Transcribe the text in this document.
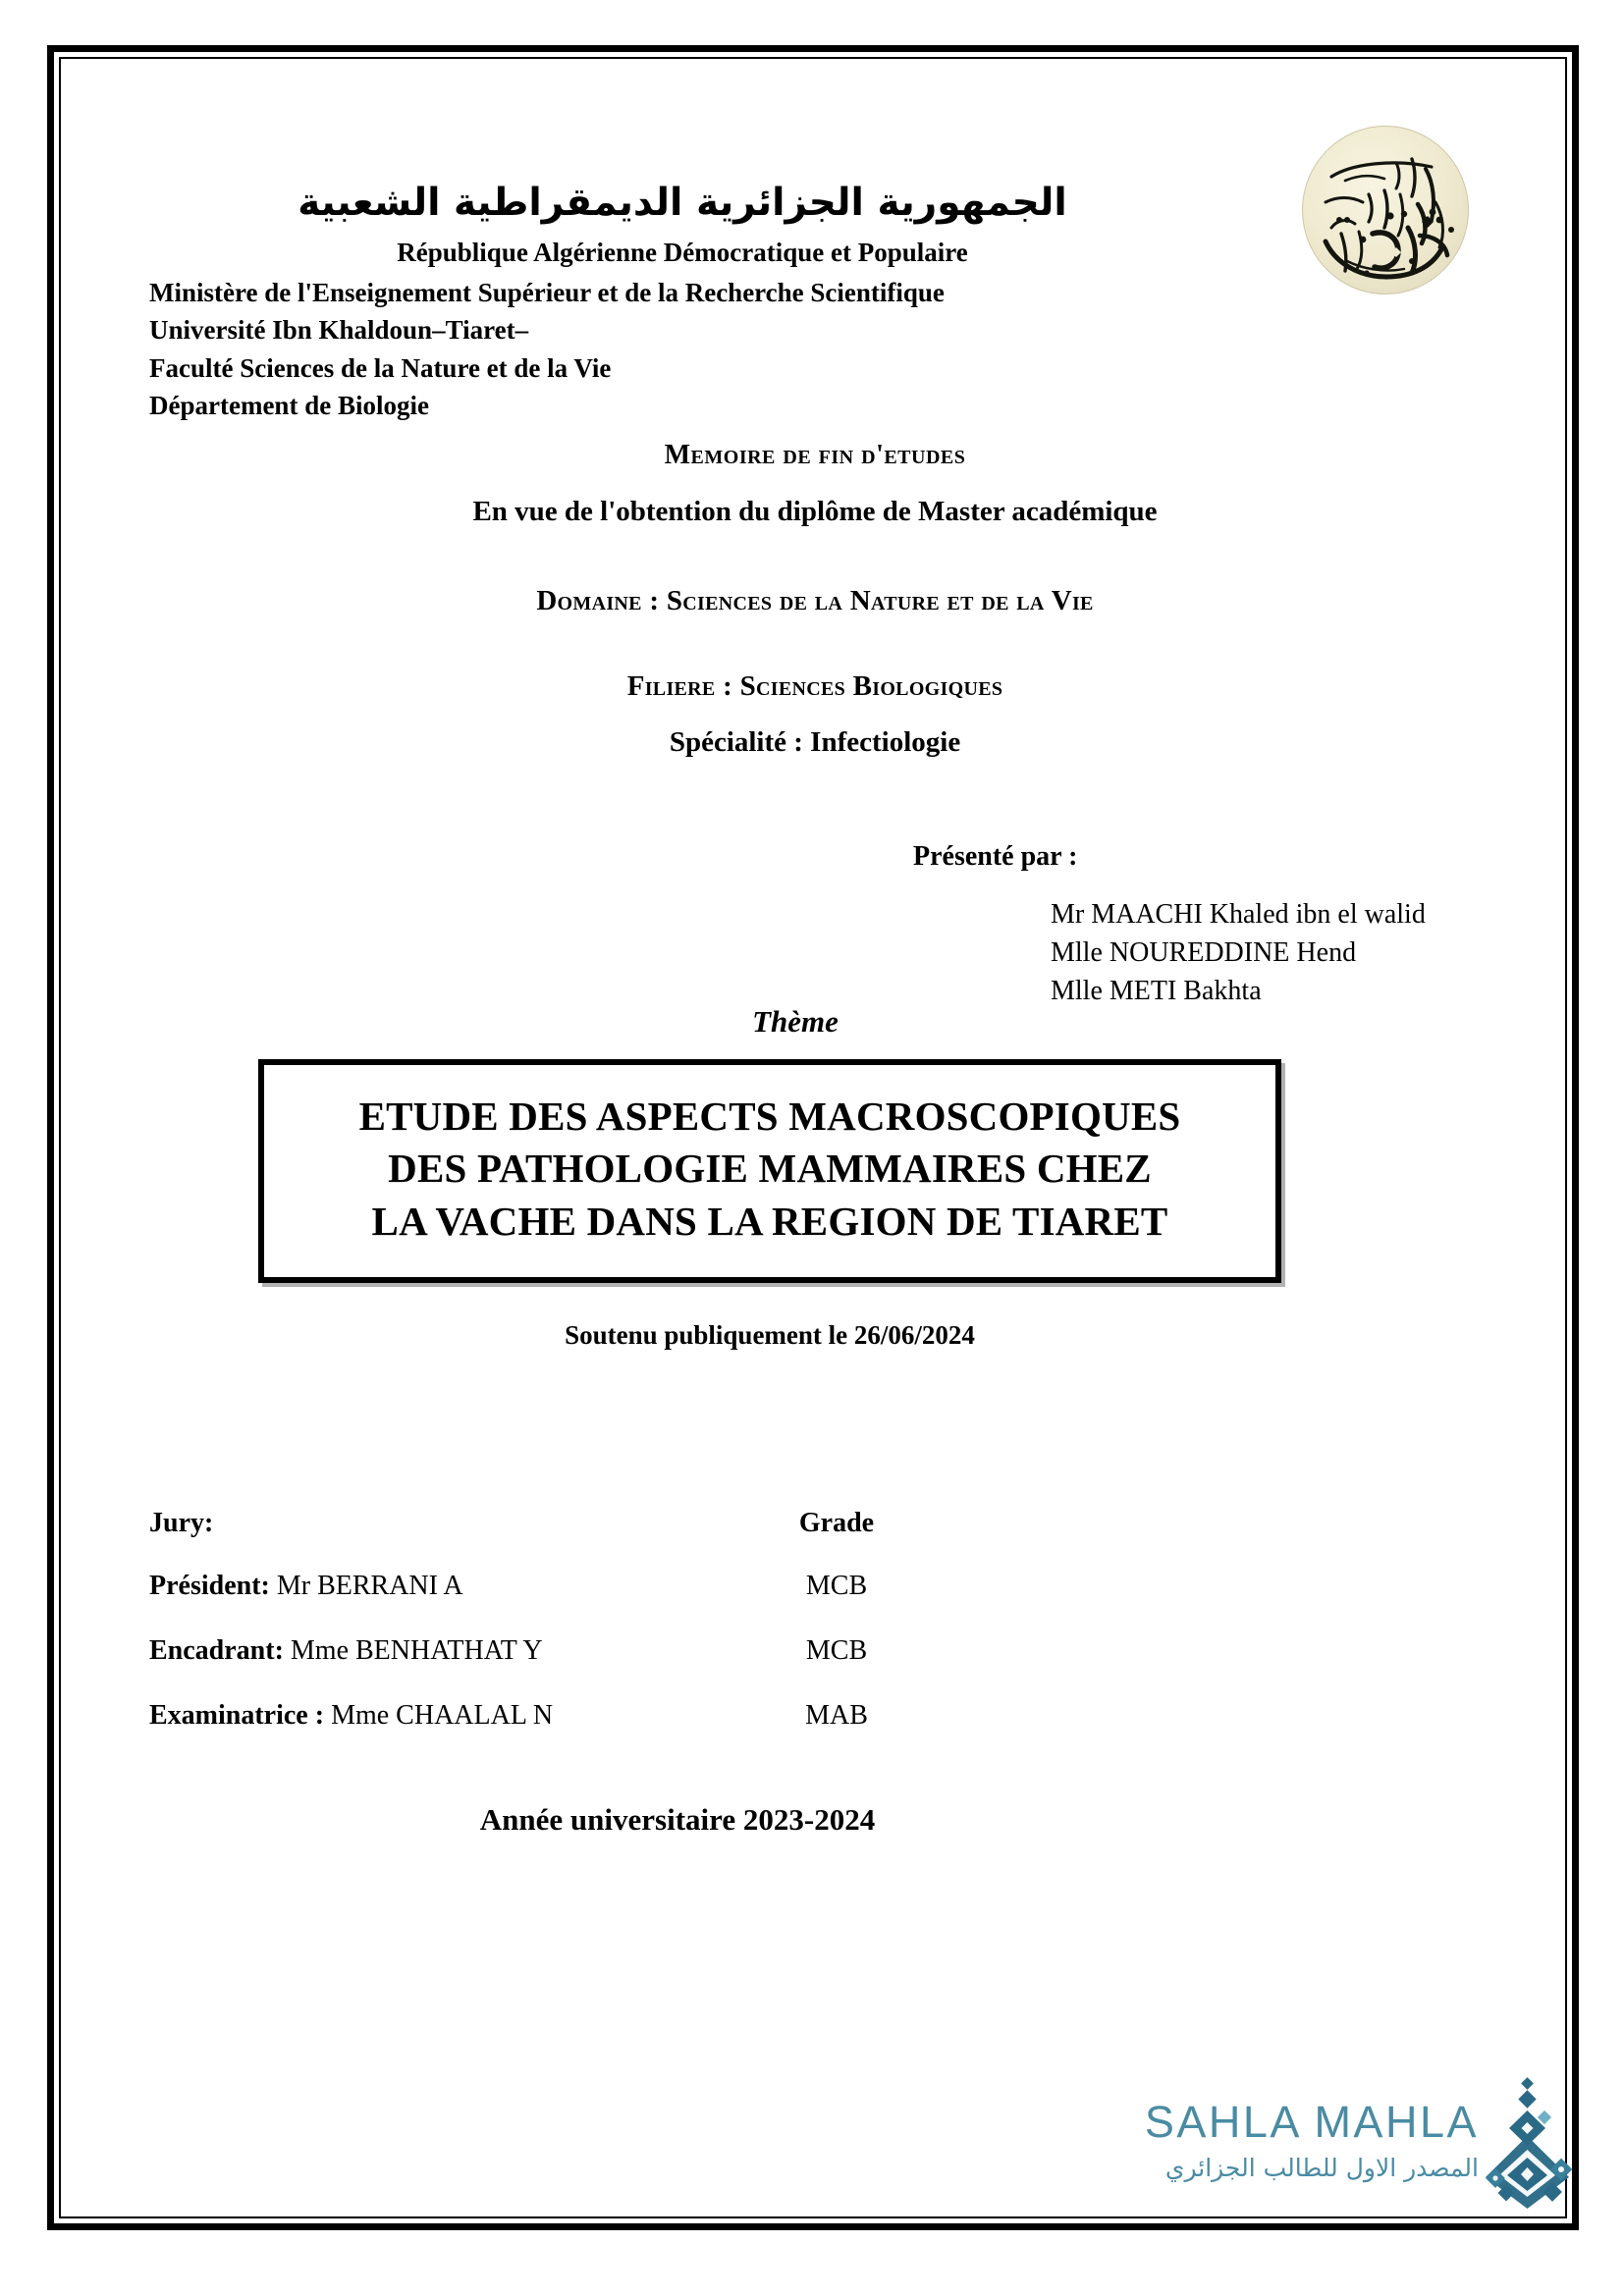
الجمهورية الجزائرية الديمقراطية الشعبية
République Algérienne Démocratique et Populaire
Ministère de l'Enseignement Supérieur et de la Recherche Scientifique
Université Ibn Khaldoun–Tiaret–
Faculté Sciences de la Nature et de la Vie
Département de Biologie
Memoire de fin d'etudes
En vue de l'obtention du diplôme de Master académique
Domaine : Sciences de la Nature et de la Vie
Filiere : Sciences Biologiques
Spécialité : Infectiologie
Présenté par :
Mr MAACHI Khaled ibn el walid
Mlle NOUREDDINE Hend
Mlle METI Bakhta
Thème
ETUDE DES ASPECTS MACROSCOPIQUES
DES PATHOLOGIE MAMMAIRES CHEZ
LA VACHE DANS LA REGION DE TIARET
Soutenu publiquement le 26/06/2024
Jury:	Grade
Président: Mr BERRANI A	MCB
Encadrant: Mme BENHATHAT Y	MCB
Examinatrice : Mme CHAALAL N	MAB
Année universitaire 2023-2024
SAHLA MAHLA
المصدر الاول للطالب الجزائري
